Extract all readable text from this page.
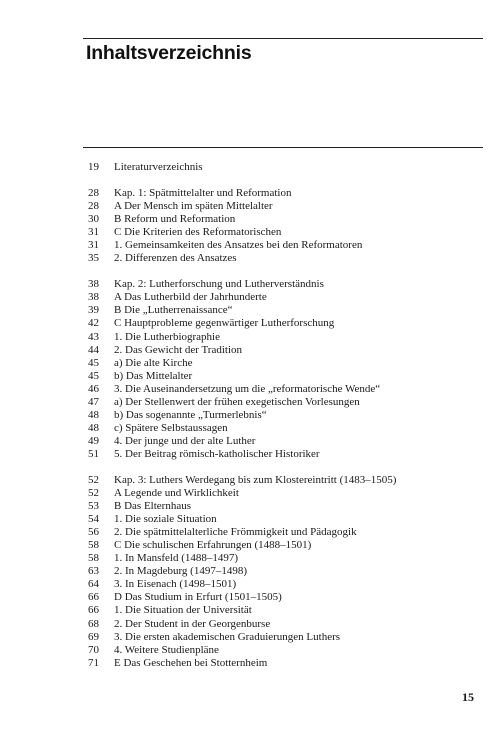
Inhaltsverzeichnis
19	Literaturverzeichnis
28	Kap. 1: Spätmittelalter und Reformation
28	A Der Mensch im späten Mittelalter
30	B Reform und Reformation
31	C Die Kriterien des Reformatorischen
31	1. Gemeinsamkeiten des Ansatzes bei den Reformatoren
35	2. Differenzen des Ansatzes
38	Kap. 2: Lutherforschung und Lutherverständnis
38	A Das Lutherbild der Jahrhunderte
39	B Die „Lutherrenaissance“
42	C Hauptprobleme gegenwärtiger Lutherforschung
43	1. Die Lutherbiographie
44	2. Das Gewicht der Tradition
45	a) Die alte Kirche
45	b) Das Mittelalter
46	3. Die Auseinandersetzung um die „reformatorische Wende“
47	a) Der Stellenwert der frühen exegetischen Vorlesungen
48	b) Das sogenannte „Turmerlebnis“
48	c) Spätere Selbstaussagen
49	4. Der junge und der alte Luther
51	5. Der Beitrag römisch-katholischer Historiker
52	Kap. 3: Luthers Werdegang bis zum Klostereintritt (1483–1505)
52	A Legende und Wirklichkeit
53	B Das Elternhaus
54	1. Die soziale Situation
56	2. Die spätmittelalterliche Frömmigkeit und Pädagogik
58	C Die schulischen Erfahrungen (1488–1501)
58	1. In Mansfeld (1488–1497)
63	2. In Magdeburg (1497–1498)
64	3. In Eisenach (1498–1501)
66	D Das Studium in Erfurt (1501–1505)
66	1. Die Situation der Universität
68	2. Der Student in der Georgenburse
69	3. Die ersten akademischen Graduierungen Luthers
70	4. Weitere Studienpläne
71	E Das Geschehen bei Stotternheim
15
